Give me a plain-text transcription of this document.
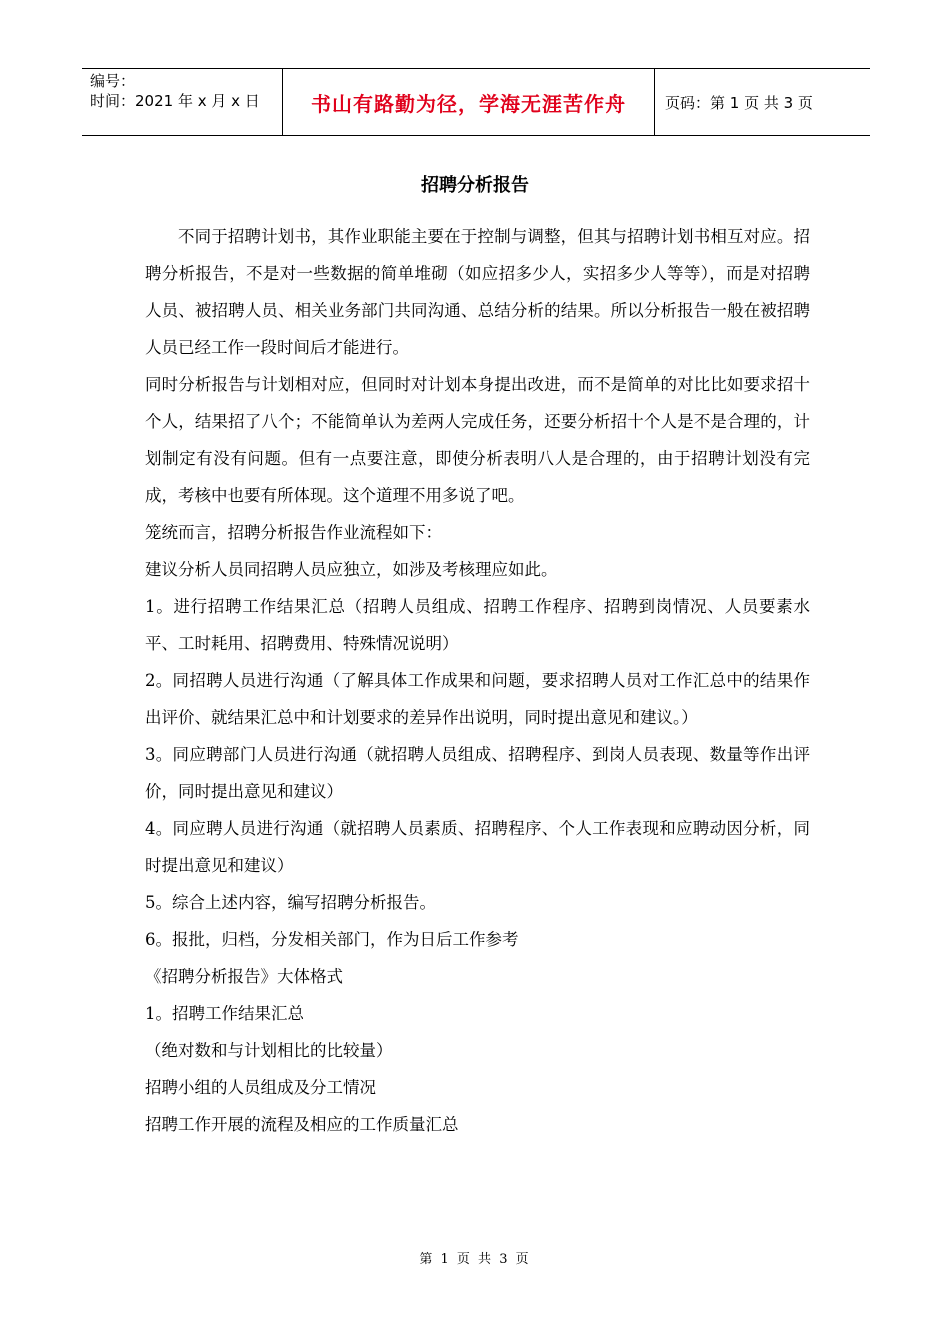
编号：
时间：2021 年 x 月 x 日	书山有路勤为径，学海无涯苦作舟	页码：第 1 页 共 3 页
招聘分析报告

不同于招聘计划书，其作业职能主要在于控制与调整，但其与招聘计划书相互对应。招聘分析报告，不是对一些数据的简单堆砌（如应招多少人，实招多少人等等），而是对招聘人员、被招聘人员、相关业务部门共同沟通、总结分析的结果。所以分析报告一般在被招聘人员已经工作一段时间后才能进行。

同时分析报告与计划相对应，但同时对计划本身提出改进，而不是简单的对比比如要求招十个人，结果招了八个；不能简单认为差两人完成任务，还要分析招十个人是不是合理的，计划制定有没有问题。但有一点要注意，即使分析表明八人是合理的，由于招聘计划没有完成，考核中也要有所体现。这个道理不用多说了吧。

笼统而言，招聘分析报告作业流程如下：

建议分析人员同招聘人员应独立，如涉及考核理应如此。

1。进行招聘工作结果汇总（招聘人员组成、招聘工作程序、招聘到岗情况、人员要素水平、工时耗用、招聘费用、特殊情况说明）

2。同招聘人员进行沟通（了解具体工作成果和问题，要求招聘人员对工作汇总中的结果作出评价、就结果汇总中和计划要求的差异作出说明，同时提出意见和建议。）

3。同应聘部门人员进行沟通（就招聘人员组成、招聘程序、到岗人员表现、数量等作出评价，同时提出意见和建议）

4。同应聘人员进行沟通（就招聘人员素质、招聘程序、个人工作表现和应聘动因分析，同时提出意见和建议）

5。综合上述内容，编写招聘分析报告。

6。报批，归档，分发相关部门，作为日后工作参考

《招聘分析报告》大体格式

1。招聘工作结果汇总

（绝对数和与计划相比的比较量）

招聘小组的人员组成及分工情况

招聘工作开展的流程及相应的工作质量汇总

第 1 页 共 3 页
